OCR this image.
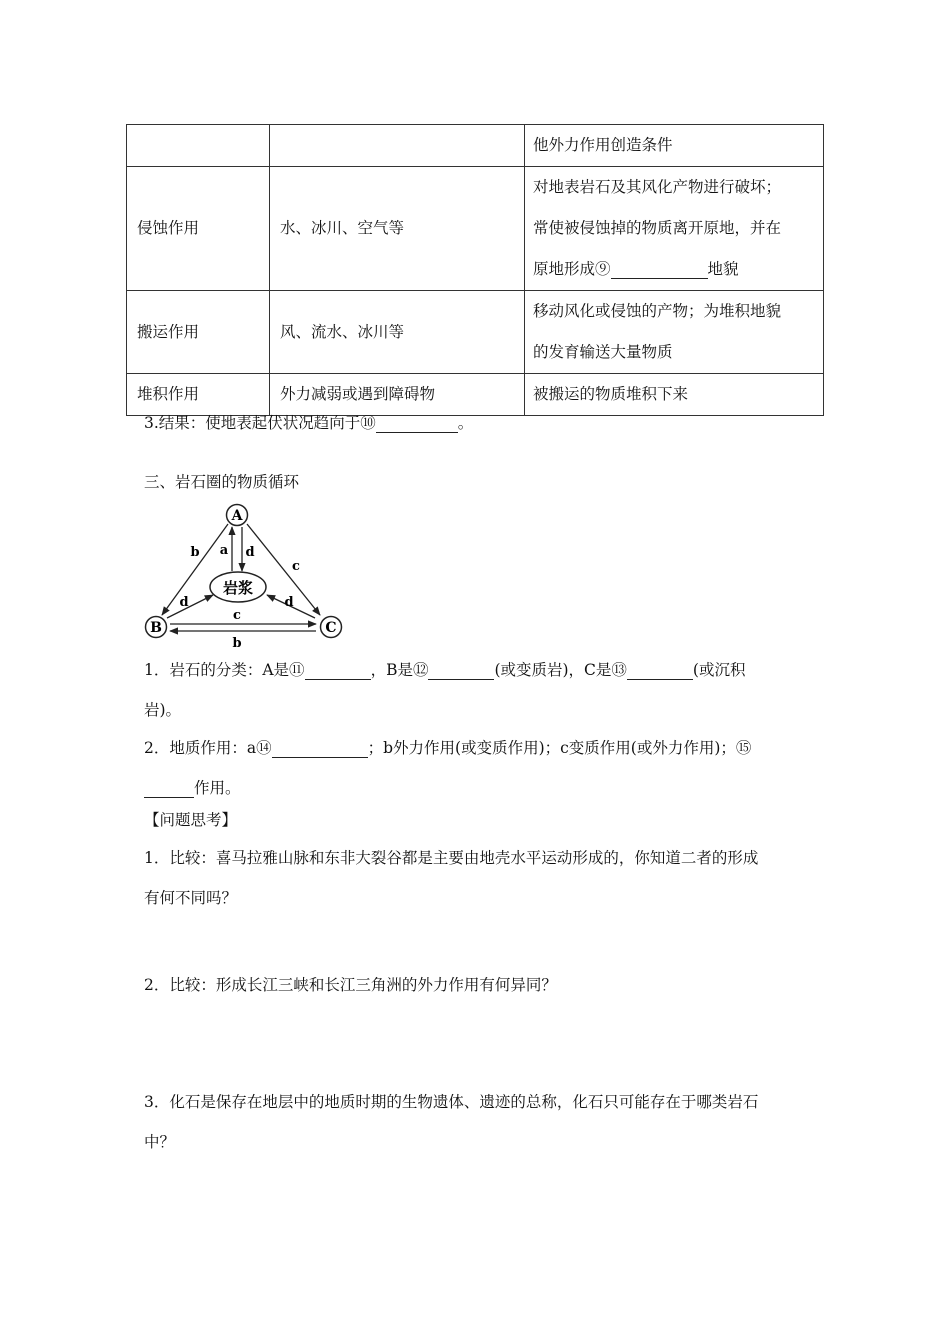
		他外力作用创造条件
侵蚀作用	水、冰川、空气等	对地表岩石及其风化产物进行破坏；
常使被侵蚀掉的物质离开原地，并在
原地形成⑨ 地貌

搬运作用	风、流水、冰川等	移动风化或侵蚀的产物；为堆积地貌
的发育输送大量物质

堆积作用	外力减弱或遇到障碍物	被搬运的物质堆积下来
3.结果：使地表起伏状况趋向于⑩	。
三、岩石圈的物质循环
A
B	C
岩浆
b a d
c
d	d
c
b
1．岩石的分类：A是⑪	，B是⑫	(或变质岩)，C是⑬	(或沉积
岩)。
2．地质作用：a⑭	；b外力作用(或变质作用)；c变质作用(或外力作用)；⑮
作用。
【问题思考】
1．比较：喜马拉雅山脉和东非大裂谷都是主要由地壳水平运动形成的，你知道二者的形成
有何不同吗？
2．比较：形成长江三峡和长江三角洲的外力作用有何异同？
3．化石是保存在地层中的地质时期的生物遗体、遗迹的总称，化石只可能存在于哪类岩石
中？
